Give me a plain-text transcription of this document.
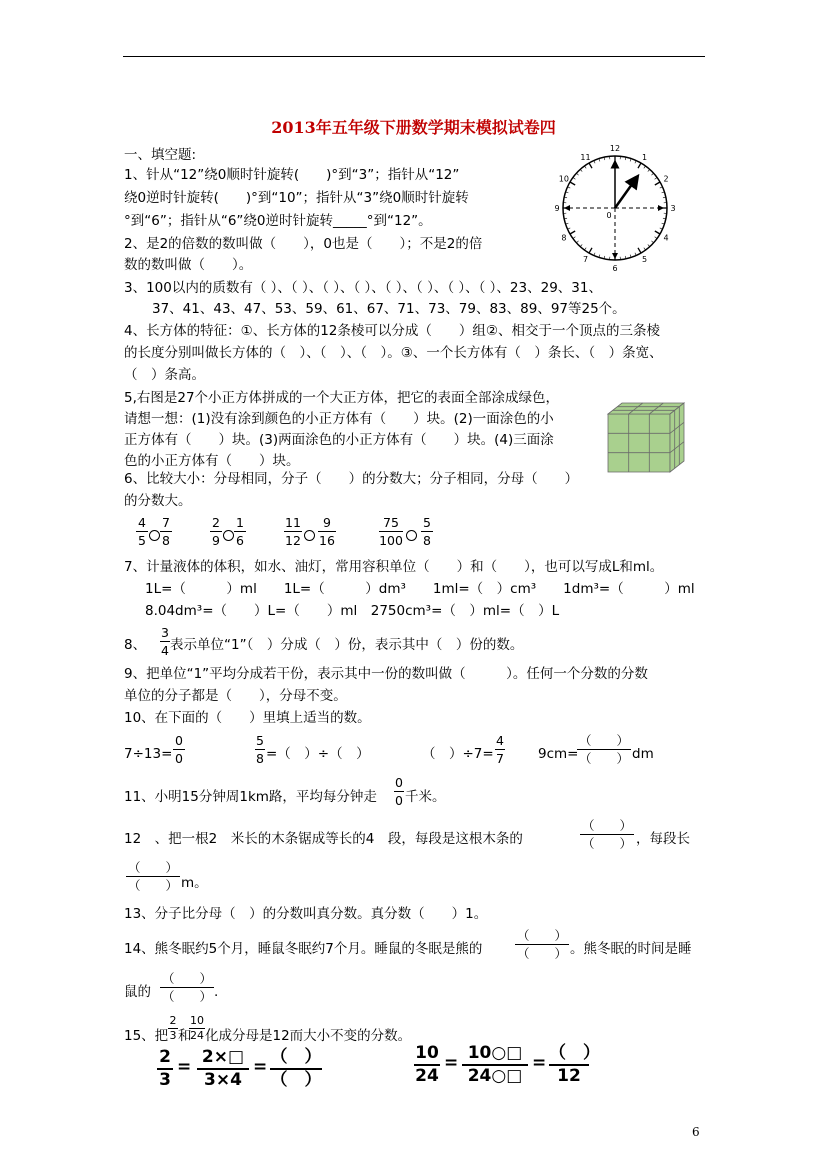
2013年五年级下册数学期末模拟试卷四
一、填空题:
1、针从“12”绕0顺时针旋转(　　)°到“3”；指针从“12”
绕0逆时针旋转(　　)°到“10”；指针从“3”绕0顺时针旋转
°到“6”；指针从“6”绕0逆时针旋转_____°到“12”。
12
1
2
3
4
5
6
7
8
9
10
11
0
2、是2的倍数的数叫做（　　），0也是（　　）；不是2的倍
数的数叫做（　　）。
3、100以内的质数有（ ）、（ ）、（ ）、（ ）、（ ）、（ ）、（ ）、（ ）、23、29、31、
37、41、43、47、53、59、61、67、71、73、79、83、89、97等25个。
4、长方体的特征：①、长方体的12条棱可以分成（　　）组②、相交于一个顶点的三条棱
的长度分别叫做长方体的（　）、（　）、（　）。③、一个长方体有（　）条长、（　）条宽、
（　）条高。
5,右图是27个小正方体拼成的一个大正方体，把它的表面全部涂成绿色，
请想一想：(1)没有涂到颜色的小正方体有（　　）块。(2)一面涂色的小
正方体有（　　）块。(3)两面涂色的小正方体有（　　）块。(4)三面涂
色的小正方体有（　　）块。
6、比较大小：分母相同，分子（　　）的分数大；分子相同，分母（　　）
的分数大。
4
5
7
8
2
9
1
6
11
12
9
16
75
100
5
8
7、计量液体的体积，如水、油灯，常用容积单位（　　）和（　　），也可以写成L和ml。
1L=（　　　）ml　　1L=（　　　）dm³　　1ml=（　）cm³　　1dm³=（　　　）ml
8.04dm³=（　　）L=（　　）ml　2750cm³=（　）ml=（　）L
8、
3
4 表示单位“1”（　）分成（　）份，表示其中（　）份的数。
9、把单位“1”平均分成若干份，表示其中一份的数叫做（　　　）。任何一个分数的分数
单位的分子都是（　　），分母不变。
10、在下面的（　　）里填上适当的数。
7÷13=
0
0
5
8 =（　）÷（　）	（　）÷7=
4
7	9cm=
（　　）
（　　） dm
11、小明15分钟周1km路，平均每分钟走
0
0 千米。
12　、把一根2　米长的木条锯成等长的4　段，每段是这根木条的
（　　）
（　　） ，每段长
（　　）
（　　） m。
13、分子比分母（　）的分数叫真分数。真分数（　　）1。
14、熊冬眠约5个月，睡鼠冬眠约7个月。睡鼠的冬眠是熊的
（　　）
（　　） 。熊冬眠的时间是睡
鼠的
（　　）
（　　） .
15、把
2
3 和
10
24 化成分母是12而大小不变的分数。
2
3
= 2×□
3×4
= （　）
（　）
10
24
= 10○□
24○□
= （　）
12
6
